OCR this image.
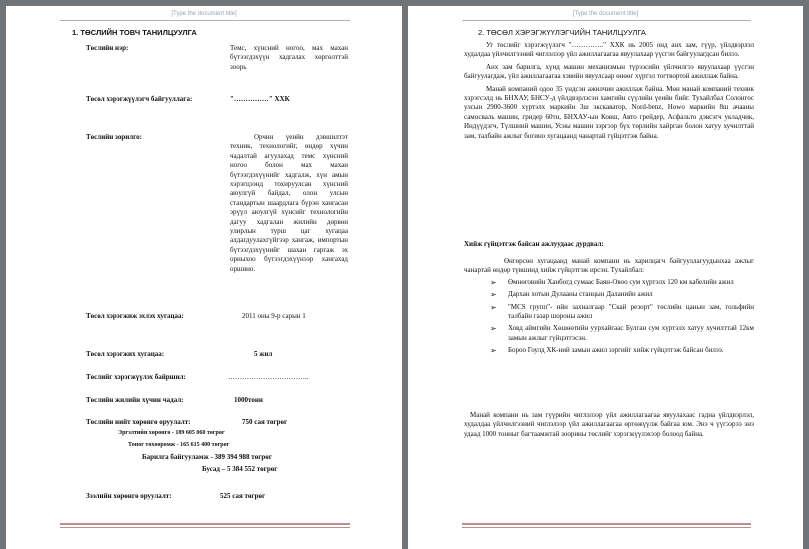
[Type the document title]
1. ТӨСЛИЙН ТОВЧ ТАНИЛЦУУЛГА
Төслийн нэр:	Темс, хүнсний ногоо, мах махан бүтээгдэхүүн хадгалах хөргөлттэй зоорь
Төсөл хэрэгжүүлэгч байгууллага:	"……………" ХХК
Төслийн зорилго:	Орчин үеийн дэвшилтэт техник, технологийг, өндөр хүчин чадалтай агуулахад темс хүнсний ногоо болон мах махан бүтээгдэхүүнийг хадгалж, хүн амын хэрэгцээнд тохируулсан хүнсний аюулгүй байдал, олон улсын стандартын шаардлага бүрэн хангасан эрүүл аюулгүй хүнсийг технологийн дагуу хадгалан жилийн дөрвөн улирлын турш цаг хугацаа алдагдуулахгүйгээр хангаж, импортын бүтээгдэхүүнийг шахан гаргаж эх орныхоо бүтээгдэхүүнээр хангахад оршино.
Төсөл хэрэгжиж эхлэх хугацаа:	2011 оны 9-р сарын 1
Төсөл хэрэгжих хугацаа:	5 жил
Төслийг хэрэгжүүлэх байршил:	……………………………..
Төслийн жилийн хүчин чадал:	1000тонн
Төслийн нийт хөрөнгө оруулалт:	750 сая төгрөг
Эргэлтийн хөрөнгө - 189 605 060 төгрөг
Тоног төхөөрөмж - 165 615 400 төгрөг
Барилга байгууламж - 389 394 988 төгрөг
Бусад – 5 384 552 төгрөг
Зээлийн хөрөнгө оруулалт:	525 сая төгрөг
[Type the document title]
2. ТӨСӨЛ ХЭРЭГЖҮҮЛЭГЧИЙН ТАНИЛЦУУЛГА

Уг төслийг хэрэгжүүлэгч "………….." ХХК нь 2005 онд анх зам, гүүр, үйлдвэрлэл худалдаа үйлчилгээний чиглэлээр үйл ажиллагаагаа явуулахаар үүсгэн байгуулагдсан билээ.

Анх зам барилга, хүнд машин механизмын түрээсийн үйлчилгээ явуулахаар үүсгэн байгуулагдаж, үйл ажиллагаагаа хэвийн явуулсаар өнөөг хүртэл тогтвортой ажиллаж байна.

Манай компаний одоо 35 үндсэн ажилчин ажиллаж байна. Мөн манай компаний техник хэрэгсэлд нь БНХАУ, БНСУ-д үйлдвэрлэсэн хамгийн сүүлийн үеийн бийг. Тухайлбал Солонгос улсын 2900-3600 хүртэлх маркийн 3ш экскаватор, Nord-benz, Howo маркийн 8ш ачааны самосваль машин, гридер 60тн, БНХАУ-ын Ковш, Авто грейдер, Асфальто дэвсэгч укладчик, Индүүдэгч, Түлшний машин, Усны машин зэргээр бүх төрлийн хайрган болон хатуу хучилттай зам, талбайн ажлыг богино хугацаанд чанартай гүйцэтгэж байна.

Хийж гүйцэтгэж байсан ажлуудаас дурдвал:

Өнгөрсөн хугацаанд манай компани нь харилцагч байгууллагуудынхаа ажлыг чанартай өндөр түвшинд хийж гүйцэтгэж ирсэн. Тухайлбал:

➢ Өмнөговийн Ханбогд сумаас Баян-Овоо сум хүртэлх 120 км кабелийн ажил
➢ Дархан хотын Дулааны станцын Даланийн ажил
➢ "MCS групп"- ийн захиалгаар "Скай резорт" төслийн цанын зам, гольфийн талбайн газар шороны ажил
➢ Ховд аймгийн Хөшөөтийн уурхайгаас Булган сум хүртэлх хатуу хучилттай 12км замын ажлыг гүйцэтгэсэн.
➢ Бороо Гоулд ХК-ний замын ажил зэргийг хийж гүйцэтгэж байсан билээ.
Манай компани нь зам гүүрийн чиглэлээр үйл ажиллагаагаа явуулахаас гадна үйлдвэрлэл, худалдаа үйлчилгээний чиглэлээр үйл ажиллагаагаа өргөжүүлж байгаа юм. Энэ ч үүгээрээ энэ удаад 1000 тонныг багтаамжтай зоорины төслийг хэрэгжүүлэхээр болоод байна.
